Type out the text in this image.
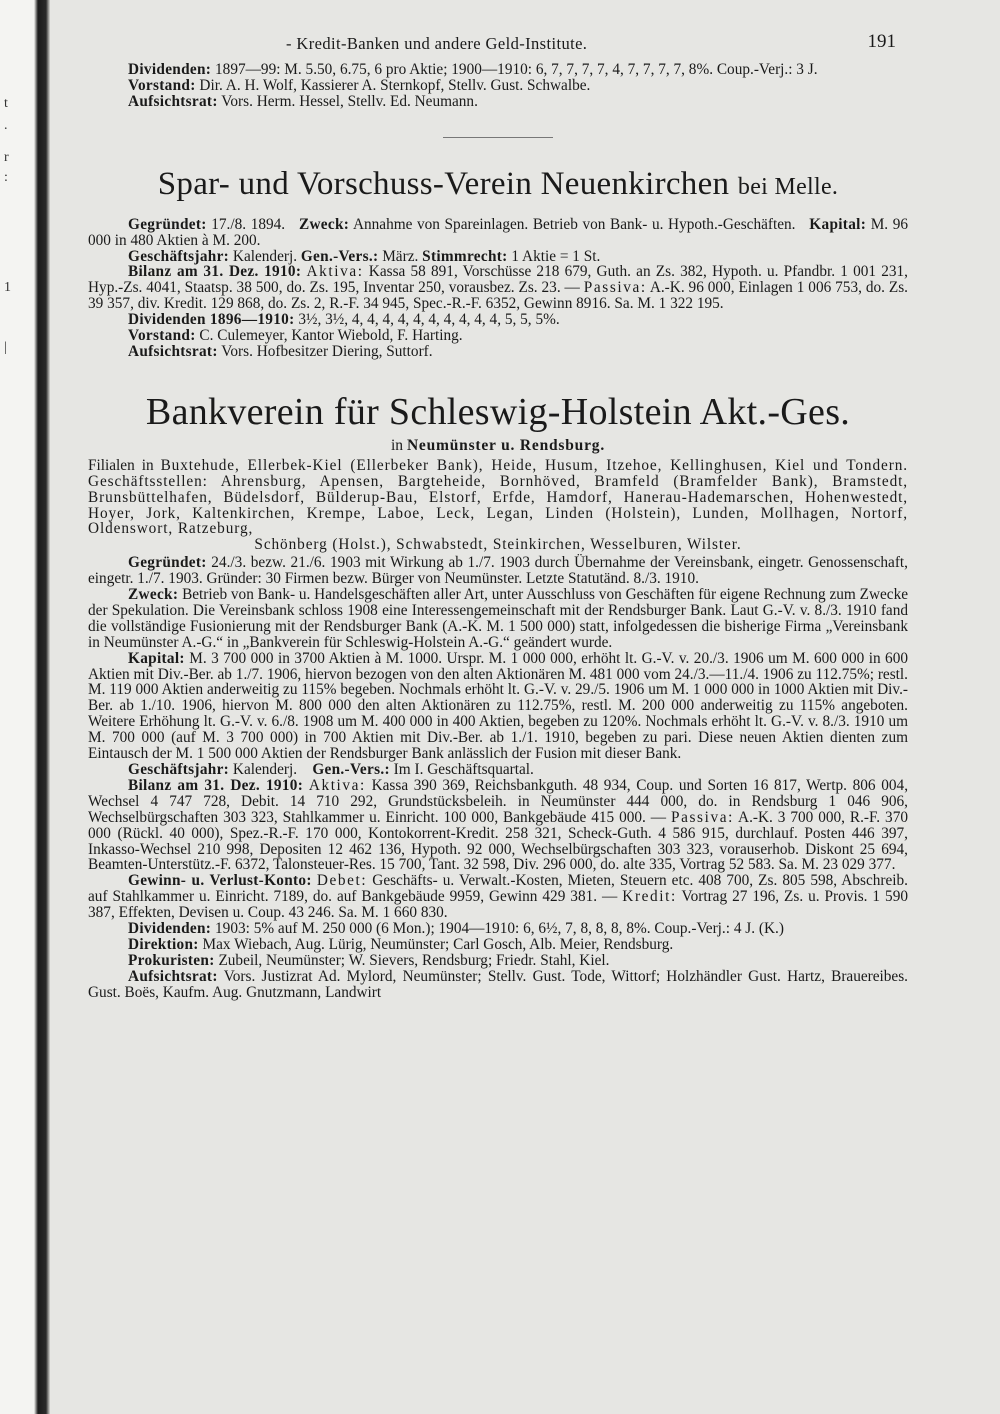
t
.
r
:
1
|
- Kredit-Banken und andere Geld-Institute.	191

Dividenden: 1897—99: M. 5.50, 6.75, 6 pro Aktie; 1900—1910: 6, 7, 7, 7, 7, 4, 7, 7, 7, 7, 8%. Coup.-Verj.: 3 J.

Vorstand: Dir. A. H. Wolf, Kassierer A. Sternkopf, Stellv. Gust. Schwalbe.

Aufsichtsrat: Vors. Herm. Hessel, Stellv. Ed. Neumann.

Spar- und Vorschuss-Verein Neuenkirchen bei Melle.

Gegründet: 17./8. 1894. Zweck: Annahme von Spareinlagen. Betrieb von Bank- u. Hypoth.-Geschäften. Kapital: M. 96 000 in 480 Aktien à M. 200.

Geschäftsjahr: Kalenderj. Gen.-Vers.: März. Stimmrecht: 1 Aktie = 1 St.

Bilanz am 31. Dez. 1910: Aktiva: Kassa 58 891, Vorschüsse 218 679, Guth. an Zs. 382, Hypoth. u. Pfandbr. 1 001 231, Hyp.-Zs. 4041, Staatsp. 38 500, do. Zs. 195, Inventar 250, vorausbez. Zs. 23. — Passiva: A.-K. 96 000, Einlagen 1 006 753, do. Zs. 39 357, div. Kredit. 129 868, do. Zs. 2, R.-F. 34 945, Spec.-R.-F. 6352, Gewinn 8916. Sa. M. 1 322 195.

Dividenden 1896—1910: 3½, 3½, 4, 4, 4, 4, 4, 4, 4, 4, 4, 4, 5, 5, 5%.

Vorstand: C. Culemeyer, Kantor Wiebold, F. Harting.

Aufsichtsrat: Vors. Hofbesitzer Diering, Suttorf.

Bankverein für Schleswig-Holstein Akt.-Ges.
in Neumünster u. Rendsburg.

Filialen in Buxtehude, Ellerbek-Kiel (Ellerbeker Bank), Heide, Husum, Itzehoe, Kellinghusen, Kiel und Tondern. Geschäftsstellen: Ahrensburg, Apensen, Bargteheide, Bornhöved, Bramfeld (Bramfelder Bank), Bramstedt, Brunsbüttelhafen, Büdelsdorf, Bülderup-Bau, Elstorf, Erfde, Hamdorf, Hanerau-Hademarschen, Hohenwestedt, Hoyer, Jork, Kaltenkirchen, Krempe, Laboe, Leck, Legan, Linden (Holstein), Lunden, Mollhagen, Nortorf, Oldenswort, Ratzeburg,

Schönberg (Holst.), Schwabstedt, Steinkirchen, Wesselburen, Wilster.

Gegründet: 24./3. bezw. 21./6. 1903 mit Wirkung ab 1./7. 1903 durch Übernahme der Vereinsbank, eingetr. Genossenschaft, eingetr. 1./7. 1903. Gründer: 30 Firmen bezw. Bürger von Neumünster. Letzte Statutänd. 8./3. 1910.

Zweck: Betrieb von Bank- u. Handelsgeschäften aller Art, unter Ausschluss von Geschäften für eigene Rechnung zum Zwecke der Spekulation. Die Vereinsbank schloss 1908 eine Interessengemeinschaft mit der Rendsburger Bank. Laut G.-V. v. 8./3. 1910 fand die vollständige Fusionierung mit der Rendsburger Bank (A.-K. M. 1 500 000) statt, infolgedessen die bisherige Firma „Vereinsbank in Neumünster A.-G.“ in „Bankverein für Schleswig-Holstein A.-G.“ geändert wurde.

Kapital: M. 3 700 000 in 3700 Aktien à M. 1000. Urspr. M. 1 000 000, erhöht lt. G.-V. v. 20./3. 1906 um M. 600 000 in 600 Aktien mit Div.-Ber. ab 1./7. 1906, hiervon bezogen von den alten Aktionären M. 481 000 vom 24./3.—11./4. 1906 zu 112.75%; restl. M. 119 000 Aktien anderweitig zu 115% begeben. Nochmals erhöht lt. G.-V. v. 29./5. 1906 um M. 1 000 000 in 1000 Aktien mit Div.-Ber. ab 1./10. 1906, hiervon M. 800 000 den alten Aktionären zu 112.75%, restl. M. 200 000 anderweitig zu 115% angeboten. Weitere Erhöhung lt. G.-V. v. 6./8. 1908 um M. 400 000 in 400 Aktien, begeben zu 120%. Nochmals erhöht lt. G.-V. v. 8./3. 1910 um M. 700 000 (auf M. 3 700 000) in 700 Aktien mit Div.-Ber. ab 1./1. 1910, begeben zu pari. Diese neuen Aktien dienten zum Eintausch der M. 1 500 000 Aktien der Rendsburger Bank anlässlich der Fusion mit dieser Bank.

Geschäftsjahr: Kalenderj. Gen.-Vers.: Im I. Geschäftsquartal.

Bilanz am 31. Dez. 1910: Aktiva: Kassa 390 369, Reichsbankguth. 48 934, Coup. und Sorten 16 817, Wertp. 806 004, Wechsel 4 747 728, Debit. 14 710 292, Grundstücksbeleih. in Neumünster 444 000, do. in Rendsburg 1 046 906, Wechselbürgschaften 303 323, Stahlkammer u. Einricht. 100 000, Bankgebäude 415 000. — Passiva: A.-K. 3 700 000, R.-F. 370 000 (Rückl. 40 000), Spez.-R.-F. 170 000, Kontokorrent-Kredit. 258 321, Scheck-Guth. 4 586 915, durchlauf. Posten 446 397, Inkasso-Wechsel 210 998, Depositen 12 462 136, Hypoth. 92 000, Wechselbürgschaften 303 323, vorauserhob. Diskont 25 694, Beamten-Unterstütz.-F. 6372, Talonsteuer-Res. 15 700, Tant. 32 598, Div. 296 000, do. alte 335, Vortrag 52 583. Sa. M. 23 029 377.

Gewinn- u. Verlust-Konto: Debet: Geschäfts- u. Verwalt.-Kosten, Mieten, Steuern etc. 408 700, Zs. 805 598, Abschreib. auf Stahlkammer u. Einricht. 7189, do. auf Bankgebäude 9959, Gewinn 429 381. — Kredit: Vortrag 27 196, Zs. u. Provis. 1 590 387, Effekten, Devisen u. Coup. 43 246. Sa. M. 1 660 830.

Dividenden: 1903: 5% auf M. 250 000 (6 Mon.); 1904—1910: 6, 6½, 7, 8, 8, 8, 8%. Coup.-Verj.: 4 J. (K.)

Direktion: Max Wiebach, Aug. Lürig, Neumünster; Carl Gosch, Alb. Meier, Rendsburg.

Prokuristen: Zubeil, Neumünster; W. Sievers, Rendsburg; Friedr. Stahl, Kiel.

Aufsichtsrat: Vors. Justizrat Ad. Mylord, Neumünster; Stellv. Gust. Tode, Wittorf; Holzhändler Gust. Hartz, Brauereibes. Gust. Boës, Kaufm. Aug. Gnutzmann, Landwirt
